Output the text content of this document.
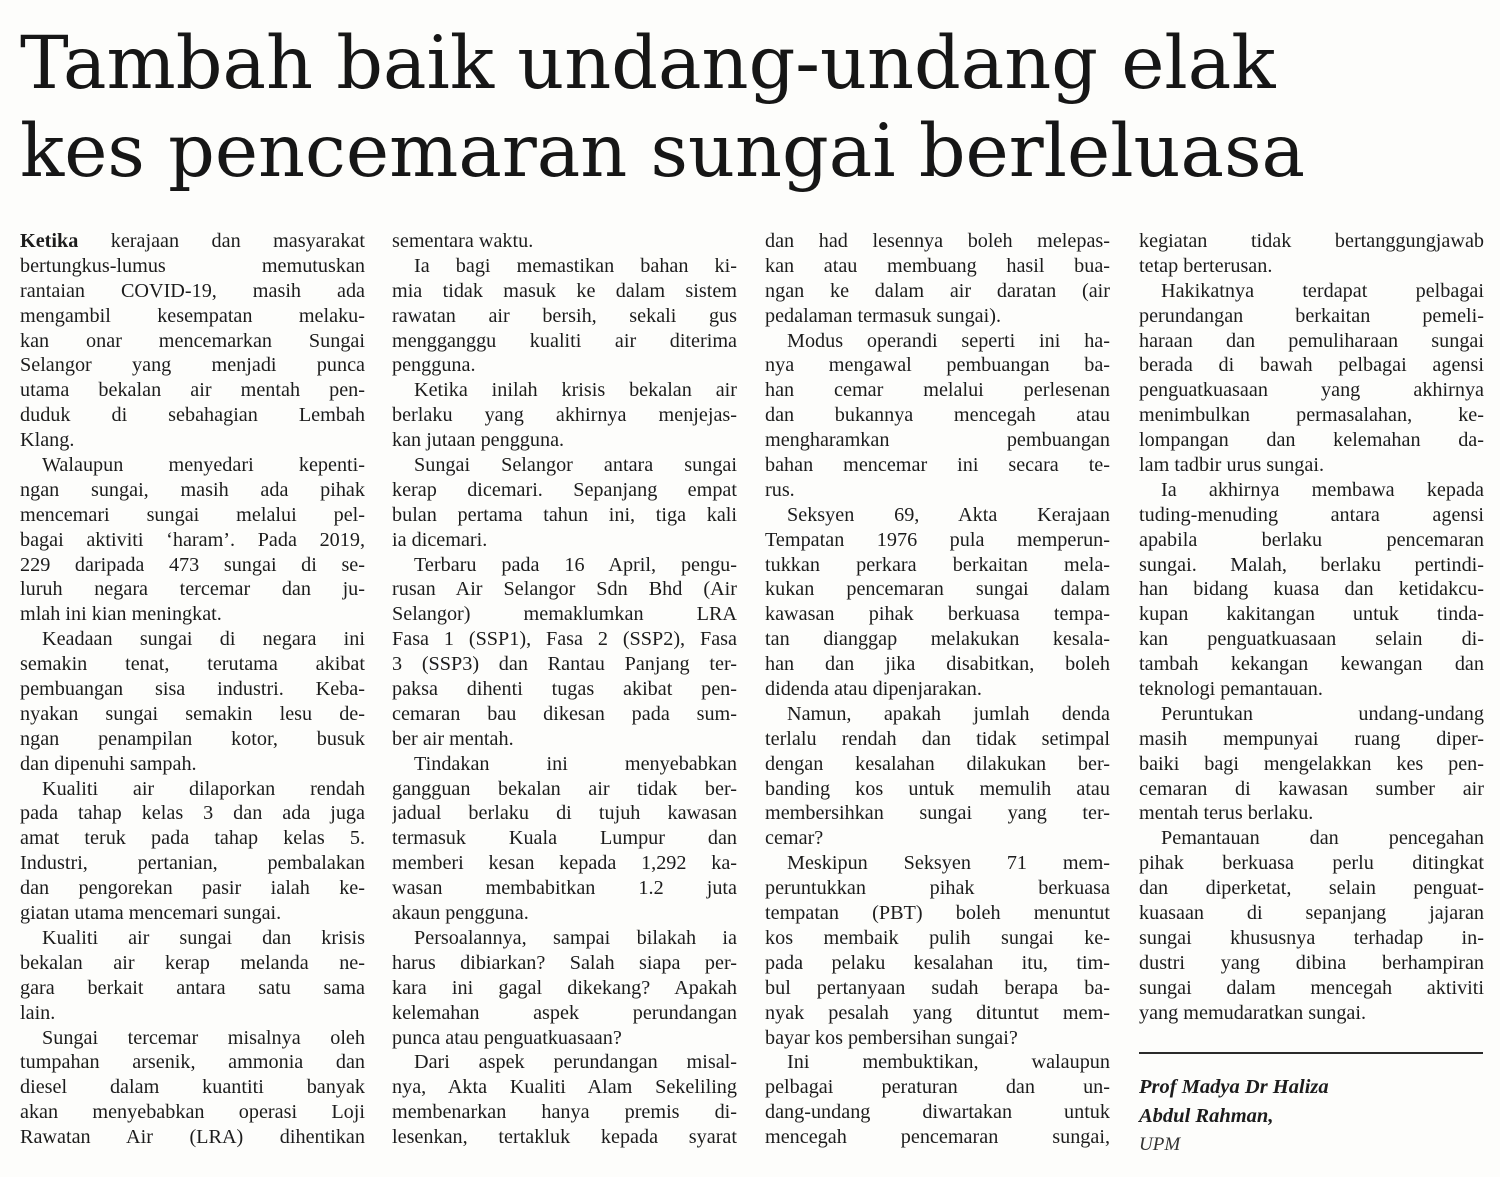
Tambah baik undang-undang elak
kes pencemaran sungai berleluasa
Ketika kerajaan dan masyarakat
bertungkus-lumus memutuskan
rantaian COVID-19, masih ada
mengambil kesempatan melaku-
kan onar mencemarkan Sungai
Selangor yang menjadi punca
utama bekalan air mentah pen-
duduk di sebahagian Lembah
Klang.
Walaupun menyedari kepenti-
ngan sungai, masih ada pihak
mencemari sungai melalui pel-
bagai aktiviti ‘haram’. Pada 2019,
229 daripada 473 sungai di se-
luruh negara tercemar dan ju-
mlah ini kian meningkat.
Keadaan sungai di negara ini
semakin tenat, terutama akibat
pembuangan sisa industri. Keba-
nyakan sungai semakin lesu de-
ngan penampilan kotor, busuk
dan dipenuhi sampah.
Kualiti air dilaporkan rendah
pada tahap kelas 3 dan ada juga
amat teruk pada tahap kelas 5.
Industri, pertanian, pembalakan
dan pengorekan pasir ialah ke-
giatan utama mencemari sungai.
Kualiti air sungai dan krisis
bekalan air kerap melanda ne-
gara berkait antara satu sama
lain.
Sungai tercemar misalnya oleh
tumpahan arsenik, ammonia dan
diesel dalam kuantiti banyak
akan menyebabkan operasi Loji
Rawatan Air (LRA) dihentikan
sementara waktu.
Ia bagi memastikan bahan ki-
mia tidak masuk ke dalam sistem
rawatan air bersih, sekali gus
mengganggu kualiti air diterima
pengguna.
Ketika inilah krisis bekalan air
berlaku yang akhirnya menjejas-
kan jutaan pengguna.
Sungai Selangor antara sungai
kerap dicemari. Sepanjang empat
bulan pertama tahun ini, tiga kali
ia dicemari.
Terbaru pada 16 April, pengu-
rusan Air Selangor Sdn Bhd (Air
Selangor) memaklumkan LRA
Fasa 1 (SSP1), Fasa 2 (SSP2), Fasa
3 (SSP3) dan Rantau Panjang ter-
paksa dihenti tugas akibat pen-
cemaran bau dikesan pada sum-
ber air mentah.
Tindakan ini menyebabkan
gangguan bekalan air tidak ber-
jadual berlaku di tujuh kawasan
termasuk Kuala Lumpur dan
memberi kesan kepada 1,292 ka-
wasan membabitkan 1.2 juta
akaun pengguna.
Persoalannya, sampai bilakah ia
harus dibiarkan? Salah siapa per-
kara ini gagal dikekang? Apakah
kelemahan aspek perundangan
punca atau penguatkuasaan?
Dari aspek perundangan misal-
nya, Akta Kualiti Alam Sekeliling
membenarkan hanya premis di-
lesenkan, tertakluk kepada syarat
dan had lesennya boleh melepas-
kan atau membuang hasil bua-
ngan ke dalam air daratan (air
pedalaman termasuk sungai).
Modus operandi seperti ini ha-
nya mengawal pembuangan ba-
han cemar melalui perlesenan
dan bukannya mencegah atau
mengharamkan pembuangan
bahan mencemar ini secara te-
rus.
Seksyen 69, Akta Kerajaan
Tempatan 1976 pula memperun-
tukkan perkara berkaitan mela-
kukan pencemaran sungai dalam
kawasan pihak berkuasa tempa-
tan dianggap melakukan kesala-
han dan jika disabitkan, boleh
didenda atau dipenjarakan.
Namun, apakah jumlah denda
terlalu rendah dan tidak setimpal
dengan kesalahan dilakukan ber-
banding kos untuk memulih atau
membersihkan sungai yang ter-
cemar?
Meskipun Seksyen 71 mem-
peruntukkan pihak berkuasa
tempatan (PBT) boleh menuntut
kos membaik pulih sungai ke-
pada pelaku kesalahan itu, tim-
bul pertanyaan sudah berapa ba-
nyak pesalah yang dituntut mem-
bayar kos pembersihan sungai?
Ini membuktikan, walaupun
pelbagai peraturan dan un-
dang-undang diwartakan untuk
mencegah pencemaran sungai,
kegiatan tidak bertanggungjawab
tetap berterusan.
Hakikatnya terdapat pelbagai
perundangan berkaitan pemeli-
haraan dan pemuliharaan sungai
berada di bawah pelbagai agensi
penguatkuasaan yang akhirnya
menimbulkan permasalahan, ke-
lompangan dan kelemahan da-
lam tadbir urus sungai.
Ia akhirnya membawa kepada
tuding-menuding antara agensi
apabila berlaku pencemaran
sungai. Malah, berlaku pertindi-
han bidang kuasa dan ketidakcu-
kupan kakitangan untuk tinda-
kan penguatkuasaan selain di-
tambah kekangan kewangan dan
teknologi pemantauan.
Peruntukan undang-undang
masih mempunyai ruang diper-
baiki bagi mengelakkan kes pen-
cemaran di kawasan sumber air
mentah terus berlaku.
Pemantauan dan pencegahan
pihak berkuasa perlu ditingkat
dan diperketat, selain penguat-
kuasaan di sepanjang jajaran
sungai khususnya terhadap in-
dustri yang dibina berhampiran
sungai dalam mencegah aktiviti
yang memudaratkan sungai.
Prof Madya Dr Haliza
Abdul Rahman,
UPM
